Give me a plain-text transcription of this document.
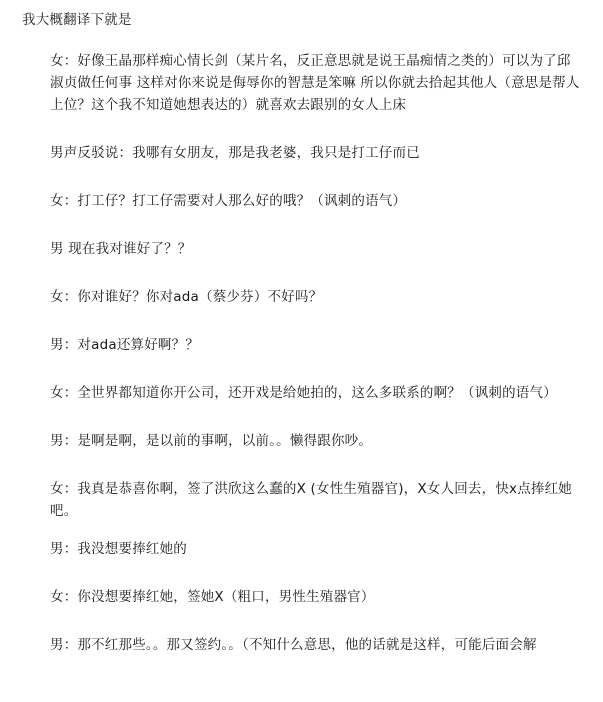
我大概翻译下就是

女：好像王晶那样痴心情长剑（某片名，反正意思就是说王晶痴情之类的）可以为了邱淑贞做任何事 这样对你来说是侮辱你的智慧是笨嘛 所以你就去拾起其他人（意思是帮人上位？这个我不知道她想表达的）就喜欢去跟别的女人上床

男声反驳说：我哪有女朋友，那是我老婆，我只是打工仔而已

女：打工仔？打工仔需要对人那么好的哦？（讽刺的语气）

男 现在我对谁好了？？

女：你对谁好？你对ada（蔡少芬）不好吗？

男：对ada还算好啊？？

女：全世界都知道你开公司，还开戏是给她拍的，这么多联系的啊？（讽刺的语气）

男：是啊是啊，是以前的事啊，以前。。懒得跟你吵。

女：我真是恭喜你啊，签了洪欣这么蠢的X (女性生殖器官)，X女人回去，快x点捧红她吧。

男：我没想要捧红她的

女：你没想要捧红她，签她X（粗口，男性生殖器官）

男：那不红那些。。那又签约。。（不知什么意思，他的话就是这样，可能后面会解
